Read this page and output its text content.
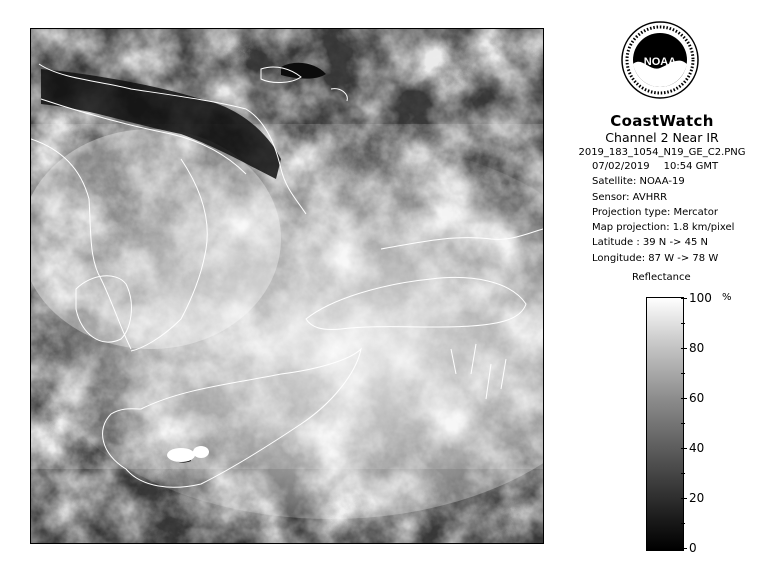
NOAA
CoastWatch
Channel 2 Near IR
2019_183_1054_N19_GE_C2.PNG
07/02/2019 10:54 GMT
Satellite: NOAA-19
Sensor: AVHRR
Projection type: Mercator
Map projection: 1.8 km/pixel
Latitude : 39 N -> 45 N
Longitude: 87 W -> 78 W
Reflectance
%
100
80
60
40
20
0
